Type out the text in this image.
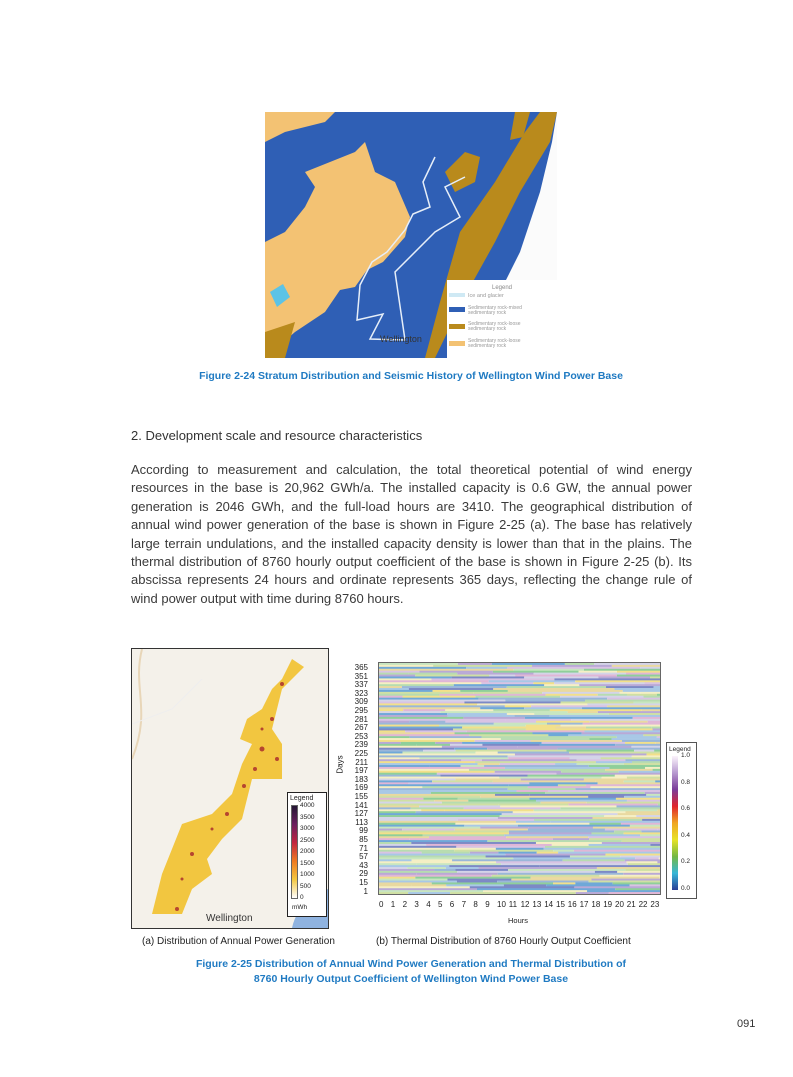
Wellington
Legend
Ice and glacier
Sedimentary rock-mixed sedimentary rock
Sedimentary rock-loose sedimentary rock
Sedimentary rock-loose sedimentary rock
Figure 2-24 Stratum Distribution and Seismic History of Wellington Wind Power Base
2. Development scale and resource characteristics
According to measurement and calculation, the total theoretical potential of wind energy resources in the base is 20,962 GWh/a. The installed capacity is 0.6 GW, the annual power generation is 2046 GWh, and the full-load hours are 3410. The geographical distribution of annual wind power generation of the base is shown in Figure 2-25 (a). The base has relatively large terrain undulations, and the installed capacity density is lower than that in the plains. The thermal distribution of 8760 hourly output coefficient of the base is shown in Figure 2-25 (b). Its abscissa represents 24 hours and ordinate represents 365 days, reflecting the change rule of wind power output with time during 8760 hours.
Wellington
Legend
4000
3500
3000
2500
2000
1500
1000
500
0
mWh
365
351
337
323
309
295
281
267
253
239
225
211
197
183
169
155
141
127
113
99
85
71
57
43
29
15
1
Days
0 1 2 3 4 5 6 7 8 9 10 11 12 13 14 15 16 17 18 19 20 21 22 23
Hours
Legend
1.0
0.8
0.6
0.4
0.2
0.0
(a) Distribution of Annual Power Generation	(b) Thermal Distribution of 8760 Hourly Output Coefficient
Figure 2-25 Distribution of Annual Wind Power Generation and Thermal Distribution of
8760 Hourly Output Coefficient of Wellington Wind Power Base
091
